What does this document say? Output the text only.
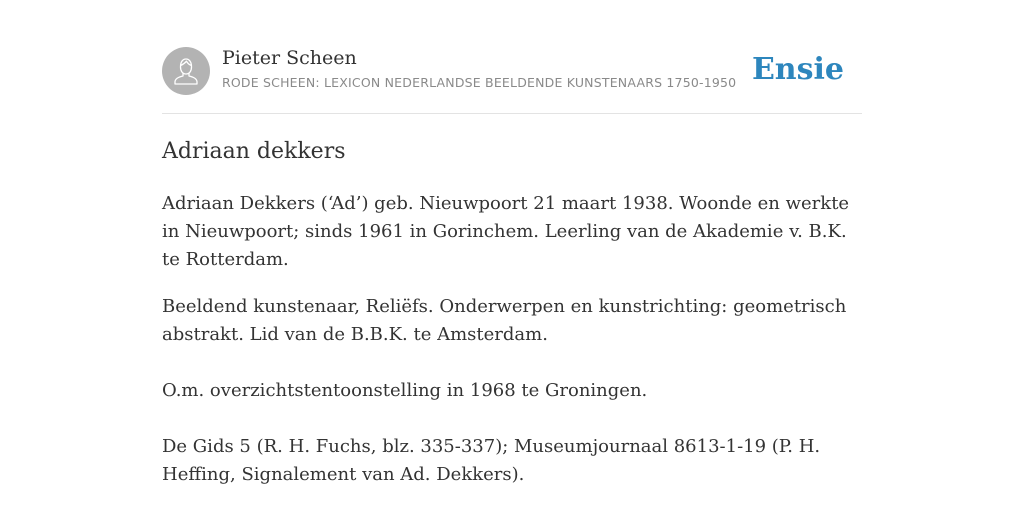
Pieter Scheen
RODE SCHEEN: LEXICON NEDERLANDSE BEELDENDE KUNSTENAARS 1750-1950 Ensie
Adriaan dekkers

Adriaan Dekkers (‘Ad’) geb. Nieuwpoort 21 maart 1938. Woonde en werkte in Nieuwpoort; sinds 1961 in Gorinchem. Leerling van de Akademie v. B.K. te Rotterdam.

Beeldend kunstenaar, Reliëfs. Onderwerpen en kunstrichting: geometrisch abstrakt. Lid van de B.B.K. te Amsterdam.

O.m. overzichtstentoonstelling in 1968 te Groningen.

De Gids 5 (R. H. Fuchs, blz. 335-337); Museumjournaal 8613-1-19 (P. H. Heffing, Signalement van Ad. Dekkers).
